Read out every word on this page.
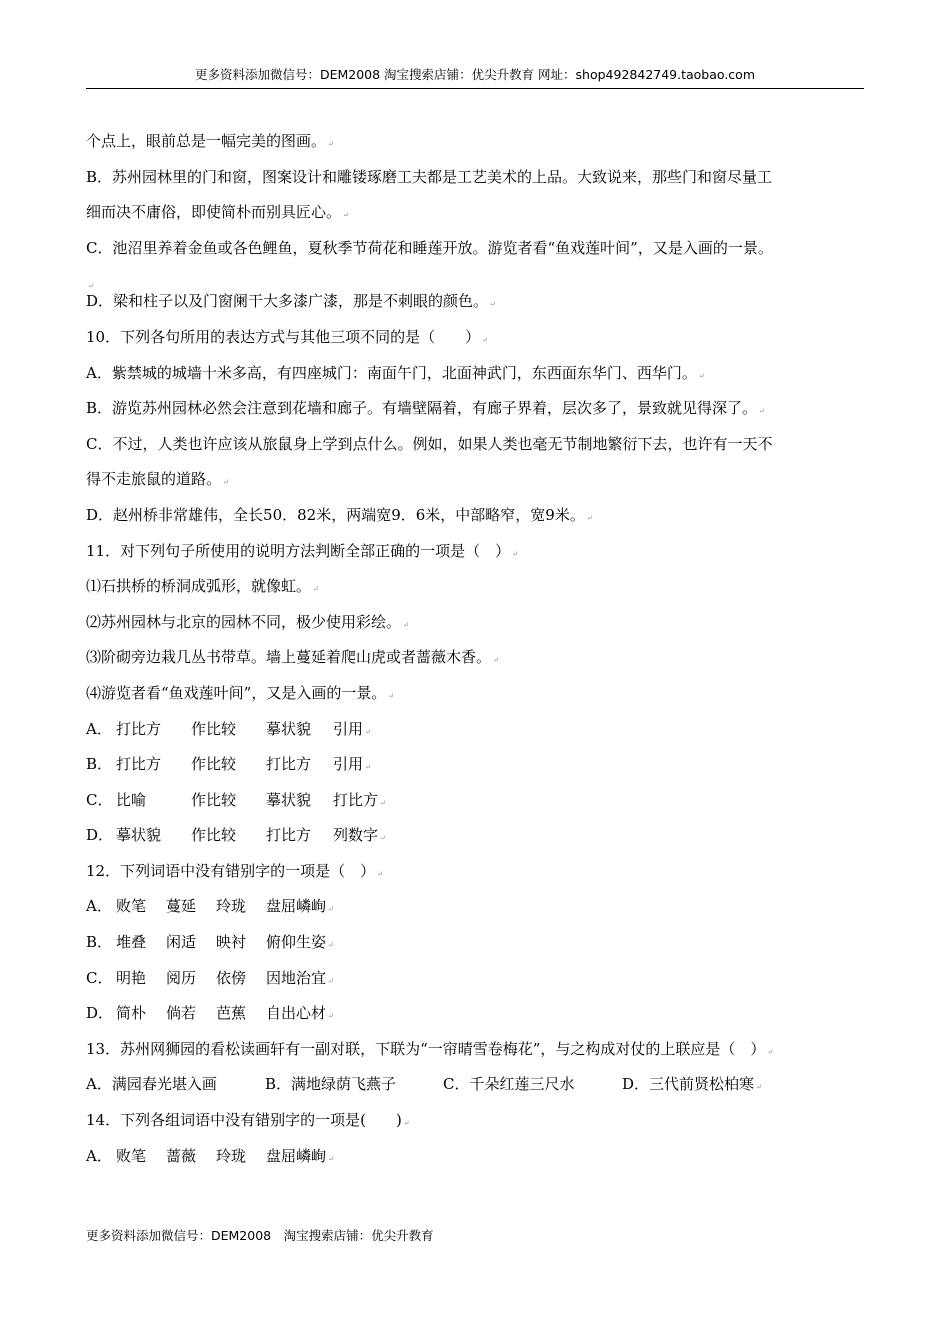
更多资料添加微信号：DEM2008 淘宝搜索店铺：优尖升教育 网址：shop492842749.taobao.com
个点上，眼前总是一幅完美的图画。 ↵
B．苏州园林里的门和窗，图案设计和雕镂琢磨工夫都是工艺美术的上品。大致说来，那些门和窗尽量工
细而决不庸俗，即使简朴而别具匠心。 ↵
C．池沼里养着金鱼或各色鲤鱼，夏秋季节荷花和睡莲开放。游览者看“鱼戏莲叶间”，又是入画的一景。
↵
D．梁和柱子以及门窗阑干大多漆广漆，那是不刺眼的颜色。 ↵
10．下列各句所用的表达方式与其他三项不同的是（　　） ↵
A．紫禁城的城墙十米多高，有四座城门：南面午门，北面神武门，东西面东华门、西华门。 ↵
B．游览苏州园林必然会注意到花墙和廊子。有墙壁隔着，有廊子界着，层次多了，景致就见得深了。 ↵
C．不过，人类也许应该从旅鼠身上学到点什么。例如，如果人类也毫无节制地繁衍下去，也许有一天不
得不走旅鼠的道路。 ↵
D．赵州桥非常雄伟，全长50．82米，两端宽9．6米，中部略窄，宽9米。 ↵
11．对下列句子所使用的说明方法判断全部正确的一项是（　） ↵
⑴石拱桥的桥洞成弧形，就像虹。 ↵
⑵苏州园林与北京的园林不同，极少使用彩绘。 ↵
⑶阶砌旁边栽几丛书带草。墙上蔓延着爬山虎或者蔷薇木香。 ↵
⑷游览者看“鱼戏莲叶间”，又是入画的一景。 ↵
A． 打比方 作比较 摹状貌 引用 ↵
B． 打比方 作比较 打比方 引用 ↵
C． 比喻	作比较 摹状貌 打比方 ↵
D． 摹状貌 作比较 打比方 列数字 ↵
12．下列词语中没有错别字的一项是（　） ↵
A． 败笔 蔓延 玲珑 盘屈嶙峋 ↵
B． 堆叠 闲适 映衬 俯仰生姿 ↵
C． 明艳 阅历 依傍 因地治宜 ↵
D． 简朴 倘若 芭蕉 自出心材 ↵
13．苏州网狮园的看松读画轩有一副对联，下联为“一帘晴雪卷梅花”，与之构成对仗的上联应是（　） ↵
A．满园春光堪入画	B．满地绿荫飞燕子	C．千朵红莲三尺水	D．三代前贤松柏寒 ↵
14．下列各组词语中没有错别字的一项是(　　) ↵
A． 败笔 蔷薇 玲珑 盘屈嶙峋 ↵
更多资料添加微信号：DEM2008　淘宝搜索店铺：优尖升教育
